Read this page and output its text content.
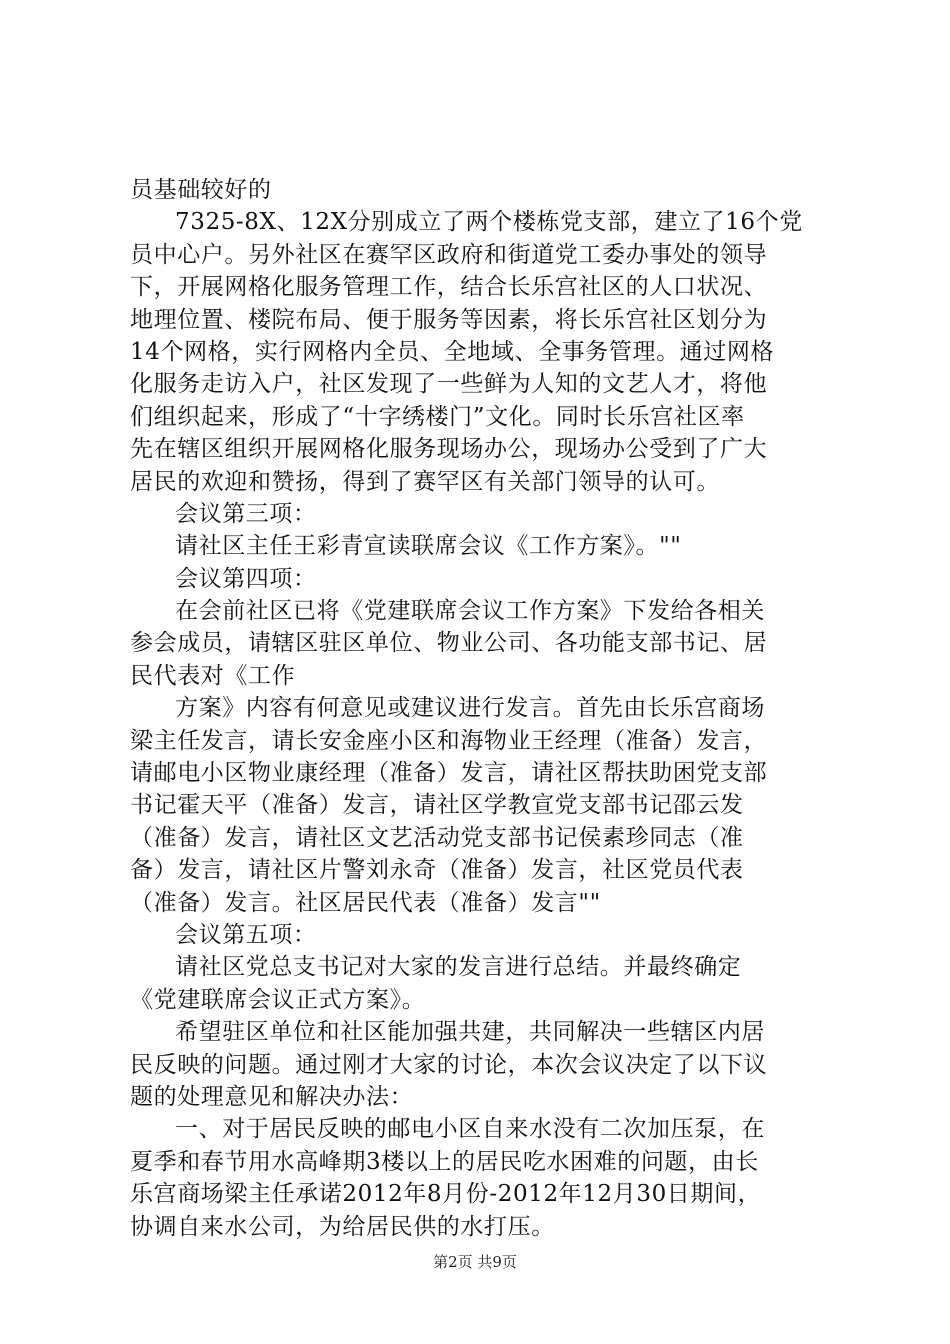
员基础较好的
7325-8X、12X分别成立了两个楼栋党支部，建立了16个党
员中心户。另外社区在赛罕区政府和街道党工委办事处的领导
下，开展网格化服务管理工作，结合长乐宫社区的人口状况、
地理位置、楼院布局、便于服务等因素，将长乐宫社区划分为
14个网格，实行网格内全员、全地域、全事务管理。通过网格
化服务走访入户，社区发现了一些鲜为人知的文艺人才，将他
们组织起来，形成了“十字绣楼门”文化。同时长乐宫社区率
先在辖区组织开展网格化服务现场办公，现场办公受到了广大
居民的欢迎和赞扬，得到了赛罕区有关部门领导的认可。
会议第三项：
请社区主任王彩青宣读联席会议《工作方案》。""
会议第四项：
在会前社区已将《党建联席会议工作方案》下发给各相关
参会成员，请辖区驻区单位、物业公司、各功能支部书记、居
民代表对《工作
方案》内容有何意见或建议进行发言。首先由长乐宫商场
梁主任发言，请长安金座小区和海物业王经理（准备）发言，
请邮电小区物业康经理（准备）发言，请社区帮扶助困党支部
书记霍天平（准备）发言，请社区学教宣党支部书记邵云发
（准备）发言，请社区文艺活动党支部书记侯素珍同志（准
备）发言，请社区片警刘永奇（准备）发言，社区党员代表
（准备）发言。社区居民代表（准备）发言""
会议第五项：
请社区党总支书记对大家的发言进行总结。并最终确定
《党建联席会议正式方案》。
希望驻区单位和社区能加强共建，共同解决一些辖区内居
民反映的问题。通过刚才大家的讨论，本次会议决定了以下议
题的处理意见和解决办法：
一、对于居民反映的邮电小区自来水没有二次加压泵，在
夏季和春节用水高峰期3楼以上的居民吃水困难的问题，由长
乐宫商场梁主任承诺2012年8月份-2012年12月30日期间，
协调自来水公司，为给居民供的水打压。
第2页 共9页
